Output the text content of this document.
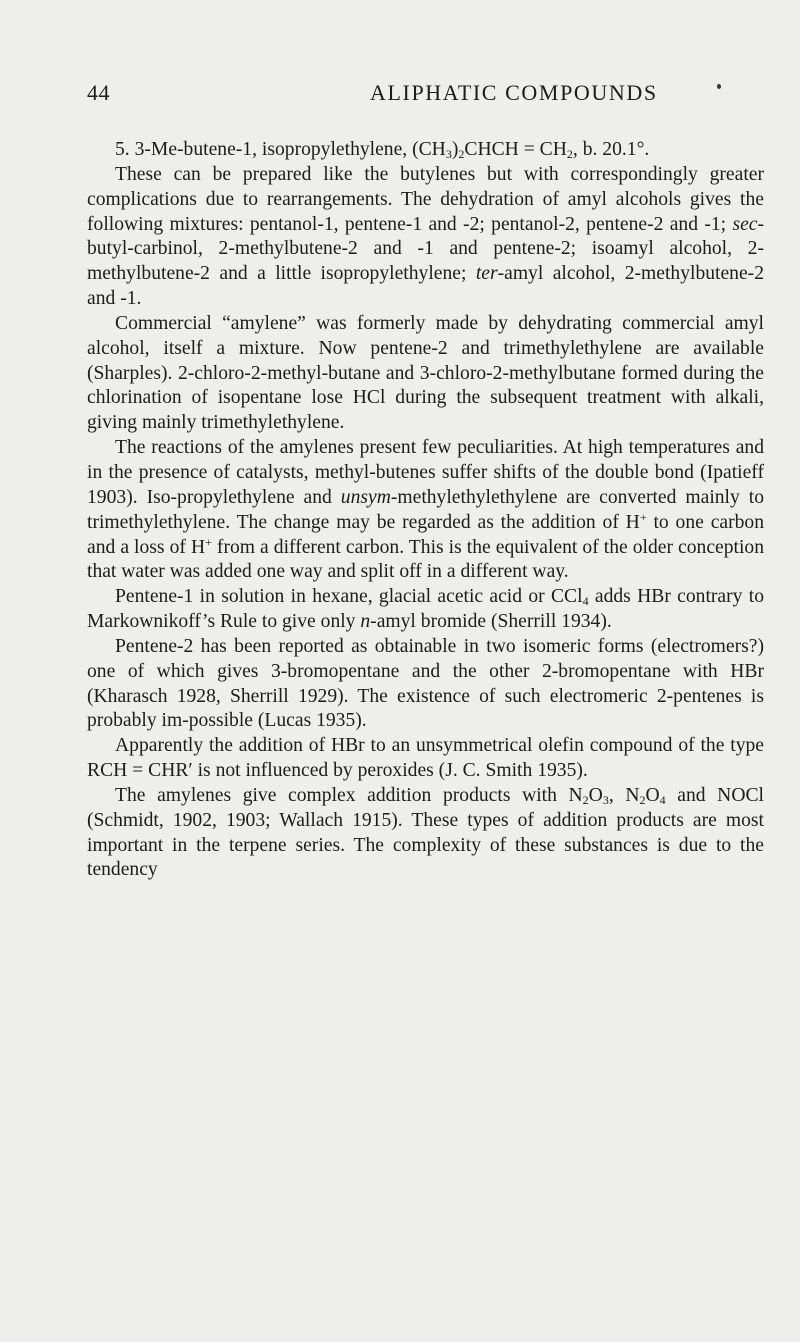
44	ALIPHATIC COMPOUNDS

5. 3-Me-butene-1, isopropylethylene, $(CH_3)_2CHCH = CH_2$, b. 20.1°.

These can be prepared like the butylenes but with correspondingly greater complications due to rearrangements. The dehydration of amyl alcohols gives the following mixtures: pentanol-1, pentene-1 and -2; pentanol-2, pentene-2 and -1; sec-butyl-carbinol, 2-methylbutene-2 and -1 and pentene-2; isoamyl alcohol, 2-methylbutene-2 and a little isopropylethylene; ter-amyl alcohol, 2-methylbutene-2 and -1.

Commercial “amylene” was formerly made by dehydrating commercial amyl alcohol, itself a mixture. Now pentene-2 and trimethylethylene are available (Sharples). 2-chloro-2-methyl-butane and 3-chloro-2-methylbutane formed during the chlorination of isopentane lose HCl during the subsequent treatment with alkali, giving mainly trimethylethylene.

The reactions of the amylenes present few peculiarities. At high temperatures and in the presence of catalysts, methyl-butenes suffer shifts of the double bond (Ipatieff 1903). Iso-propylethylene and unsym-methylethylethylene are converted mainly to trimethylethylene. The change may be regarded as the addition of H+ to one carbon and a loss of H+ from a different carbon. This is the equivalent of the older conception that water was added one way and split off in a different way.

Pentene-1 in solution in hexane, glacial acetic acid or CCl$_4$ adds HBr contrary to Markownikoff’s Rule to give only n-amyl bromide (Sherrill 1934).

Pentene-2 has been reported as obtainable in two isomeric forms (electromers?) one of which gives 3-bromopentane and the other 2-bromopentane with HBr (Kharasch 1928, Sherrill 1929). The existence of such electromeric 2-pentenes is probably im-possible (Lucas 1935).

Apparently the addition of HBr to an unsymmetrical olefin compound of the type RCH = CHR′ is not influenced by peroxides (J. C. Smith 1935).

The amylenes give complex addition products with $N_2O_3$, $N_2O_4$ and NOCl (Schmidt, 1902, 1903; Wallach 1915). These types of addition products are most important in the terpene series. The complexity of these substances is due to the tendency
